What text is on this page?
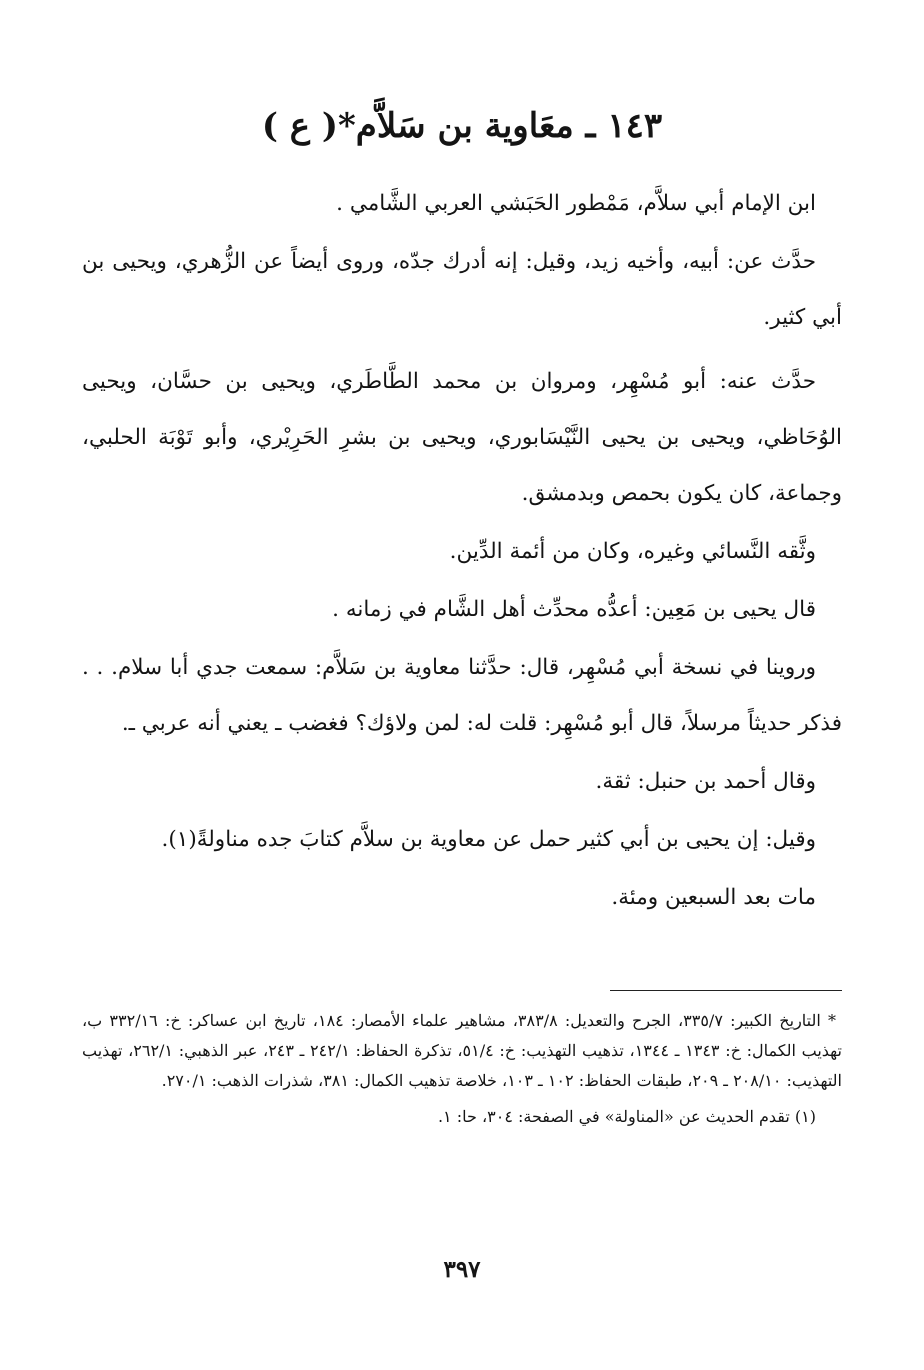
١٤٣ ـ معَاوية بن سَلاَّم*( ع )

ابن الإمام أبي سلاَّم، مَمْطور الحَبَشي العربي الشَّامي .

حدَّث عن: أبيه، وأخيه زيد، وقيل: إنه أدرك جدّه، وروى أيضاً عن الزُّهري، ويحيى بن أبي كثير.

حدَّث عنه: أبو مُسْهِر، ومروان بن محمد الطَّاطَري، ويحيى بن حسَّان، ويحيى الوُحَاظي، ويحيى بن يحيى النَّيْسَابوري، ويحيى بن بشرِ الحَرِيْري، وأبو تَوْبَة الحلبي، وجماعة، كان يكون بحمص وبدمشق.

وثَّقه النَّسائي وغيره، وكان من أئمة الدِّين.

قال يحيى بن مَعِين: أعدُّه محدِّث أهل الشَّام في زمانه .

وروينا في نسخة أبي مُسْهِر، قال: حدَّثنا معاوية بن سَلاَّم: سمعت جدي أبا سلام. . . فذكر حديثاً مرسلاً، قال أبو مُسْهِر: قلت له: لمن ولاؤك؟ فغضب ـ يعني أنه عربي ـ.

وقال أحمد بن حنبل: ثقة.

وقيل: إن يحيى بن أبي كثير حمل عن معاوية بن سلاَّم كتابَ جده مناولةً(١).

مات بعد السبعين ومئة.

* التاريخ الكبير: ٣٣٥/٧، الجرح والتعديل: ٣٨٣/٨، مشاهير علماء الأمصار: ١٨٤، تاريخ ابن عساكر: خ: ٣٣٢/١٦ ب، تهذيب الكمال: خ: ١٣٤٣ ـ ١٣٤٤، تذهيب التهذيب: خ: ٥١/٤، تذكرة الحفاظ: ٢٤٢/١ ـ ٢٤٣، عبر الذهبي: ٢٦٢/١، تهذيب التهذيب: ٢٠٨/١٠ ـ ٢٠٩، طبقات الحفاظ: ١٠٢ ـ ١٠٣، خلاصة تذهيب الكمال: ٣٨١، شذرات الذهب: ٢٧٠/١.

(١) تقدم الحديث عن «المناولة» في الصفحة: ٣٠٤، حا: ١.

٣٩٧
